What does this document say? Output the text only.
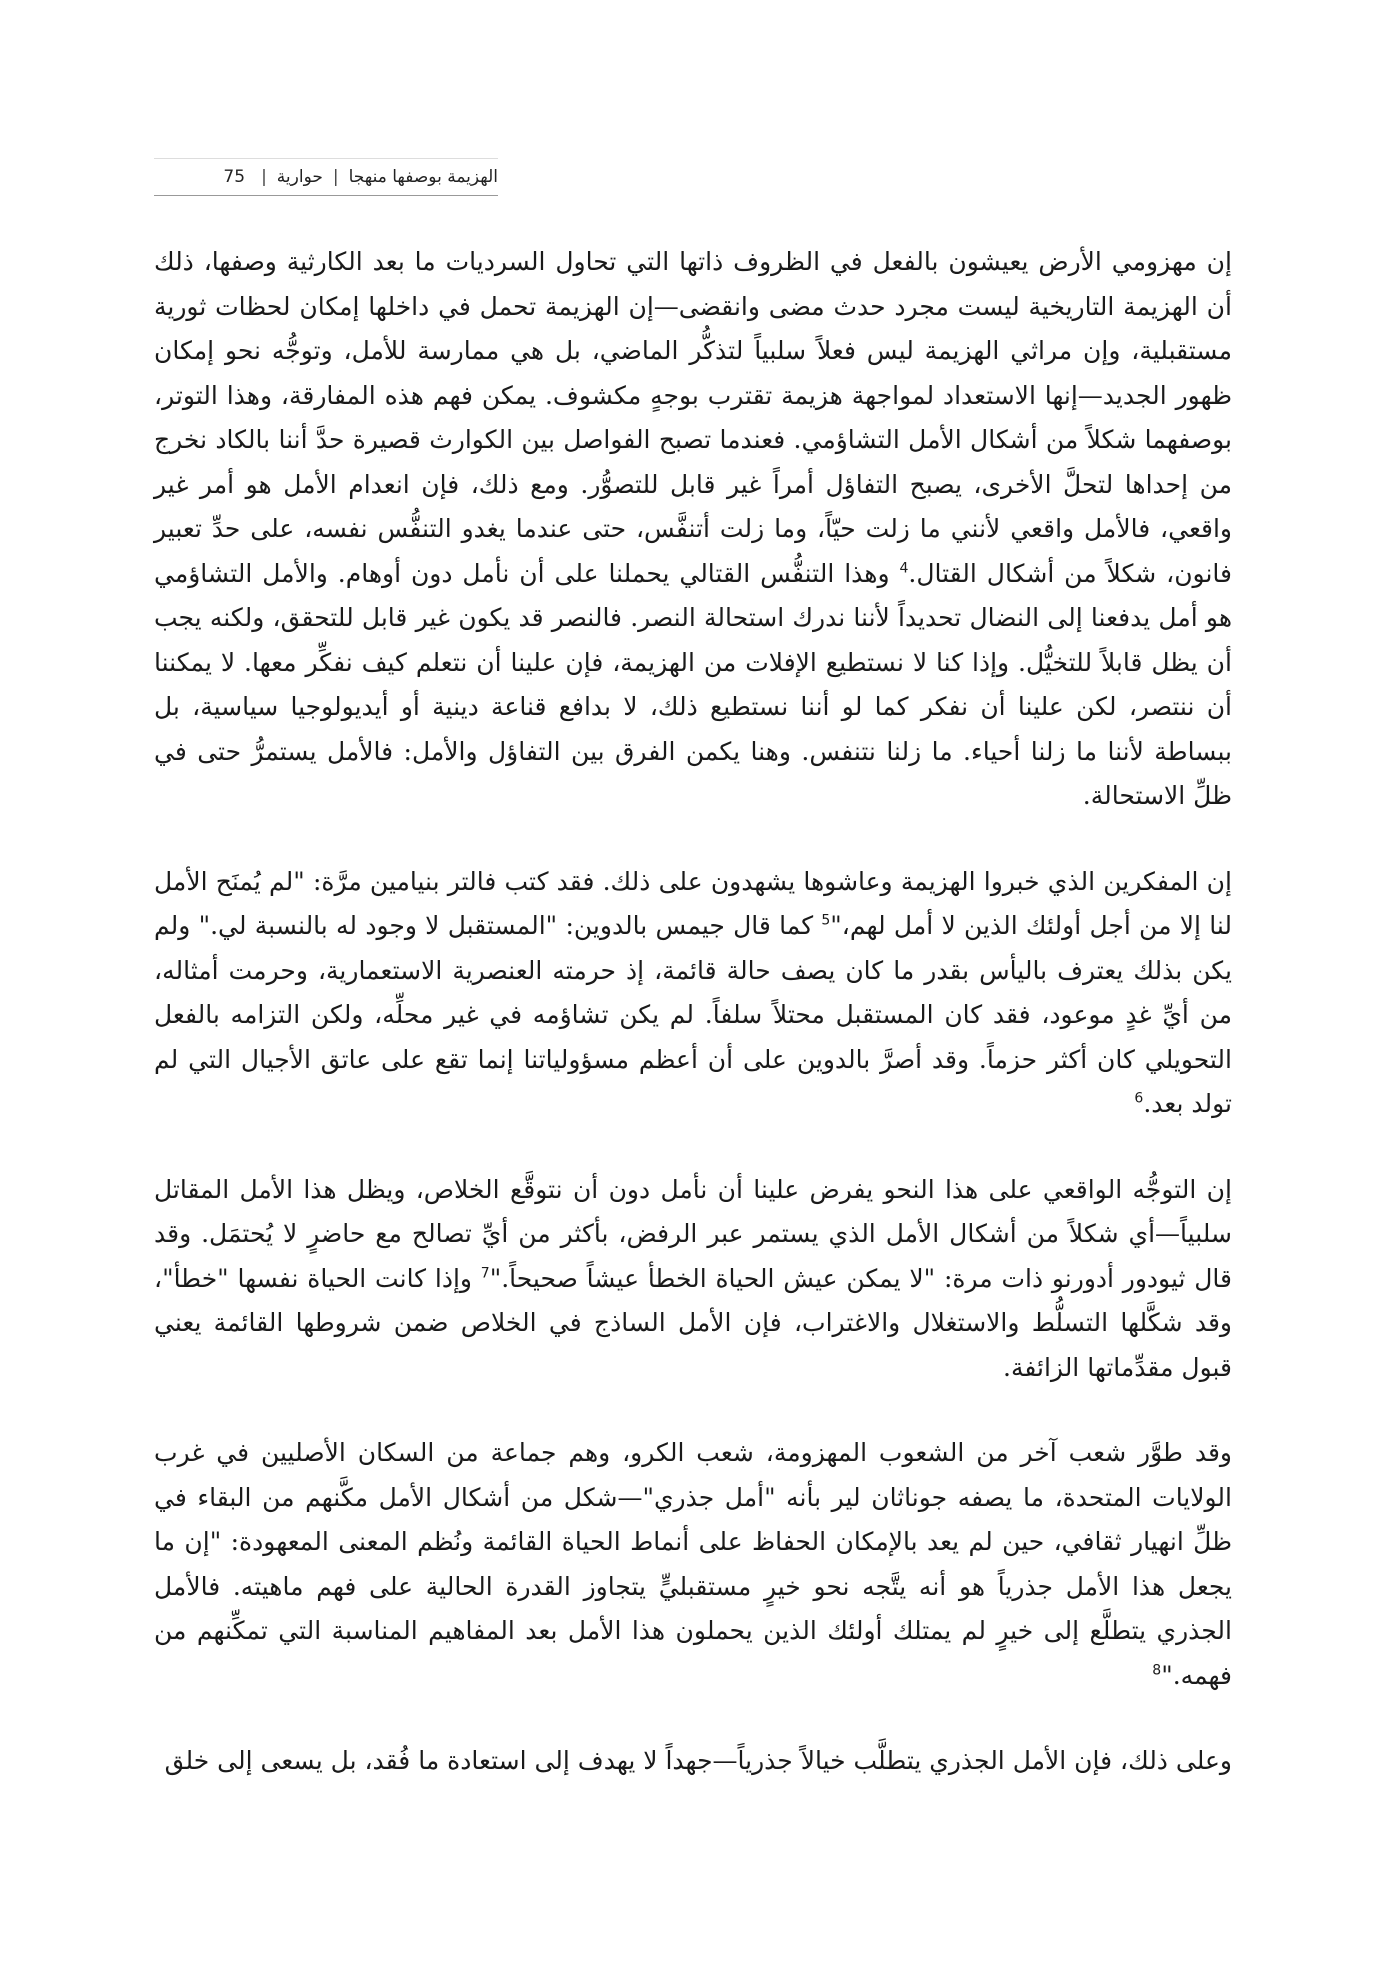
الهزيمة بوصفها منهجا
|
حوارية
|
75

إن مهزومي الأرض يعيشون بالفعل في الظروف ذاتها التي تحاول السرديات ما بعد الكارثية وصفها، ذلك أن الهزيمة التاريخية ليست مجرد حدث مضى وانقضى—إن الهزيمة تحمل في داخلها إمكان لحظات ثورية مستقبلية، وإن مراثي الهزيمة ليس فعلاً سلبياً لتذكُّر الماضي، بل هي ممارسة للأمل، وتوجُّه نحو إمكان ظهور الجديد—إنها الاستعداد لمواجهة هزيمة تقترب بوجهٍ مكشوف. يمكن فهم هذه المفارقة، وهذا التوتر، بوصفهما شكلاً من أشكال الأمل التشاؤمي. فعندما تصبح الفواصل بين الكوارث قصيرة حدَّ أننا بالكاد نخرج من إحداها لتحلَّ الأخرى، يصبح التفاؤل أمراً غير قابل للتصوُّر. ومع ذلك، فإن انعدام الأمل هو أمر غير واقعي، فالأمل واقعي لأنني ما زلت حيّاً، وما زلت أتنفَّس، حتى عندما يغدو التنفُّس نفسه، على حدِّ تعبير فانون، شكلاً من أشكال القتال.$^4$ وهذا التنفُّس القتالي يحملنا على أن نأمل دون أوهام. والأمل التشاؤمي هو أمل يدفعنا إلى النضال تحديداً لأننا ندرك استحالة النصر. فالنصر قد يكون غير قابل للتحقق، ولكنه يجب أن يظل قابلاً للتخيُّل. وإذا كنا لا نستطيع الإفلات من الهزيمة، فإن علينا أن نتعلم كيف نفكِّر معها. لا يمكننا أن ننتصر، لكن علينا أن نفكر كما لو أننا نستطيع ذلك، لا بدافع قناعة دينية أو أيديولوجيا سياسية، بل ببساطة لأننا ما زلنا أحياء. ما زلنا نتنفس. وهنا يكمن الفرق بين التفاؤل والأمل: فالأمل يستمرُّ حتى في ظلِّ الاستحالة.

إن المفكرين الذي خبروا الهزيمة وعاشوها يشهدون على ذلك. فقد كتب فالتر بنيامين مرَّة: "لم يُمنَح الأمل لنا إلا من أجل أولئك الذين لا أمل لهم،"$^5$ كما قال جيمس بالدوين: "المستقبل لا وجود له بالنسبة لي." ولم يكن بذلك يعترف باليأس بقدر ما كان يصف حالة قائمة، إذ حرمته العنصرية الاستعمارية، وحرمت أمثاله، من أيِّ غدٍ موعود، فقد كان المستقبل محتلاً سلفاً. لم يكن تشاؤمه في غير محلِّه، ولكن التزامه بالفعل التحويلي كان أكثر حزماً. وقد أصرَّ بالدوين على أن أعظم مسؤولياتنا إنما تقع على عاتق الأجيال التي لم تولد بعد.$^6$

إن التوجُّه الواقعي على هذا النحو يفرض علينا أن نأمل دون أن نتوقَّع الخلاص، ويظل هذا الأمل المقاتل سلبياً—أي شكلاً من أشكال الأمل الذي يستمر عبر الرفض، بأكثر من أيِّ تصالح مع حاضرٍ لا يُحتمَل. وقد قال ثيودور أدورنو ذات مرة: "لا يمكن عيش الحياة الخطأ عيشاً صحيحاً."$^7$ وإذا كانت الحياة نفسها "خطأ"، وقد شكَّلها التسلُّط والاستغلال والاغتراب، فإن الأمل الساذج في الخلاص ضمن شروطها القائمة يعني قبول مقدِّماتها الزائفة.

وقد طوَّر شعب آخر من الشعوب المهزومة، شعب الكرو، وهم جماعة من السكان الأصليين في غرب الولايات المتحدة، ما يصفه جوناثان لير بأنه "أمل جذري"—شكل من أشكال الأمل مكَّنهم من البقاء في ظلِّ انهيار ثقافي، حين لم يعد بالإمكان الحفاظ على أنماط الحياة القائمة ونُظم المعنى المعهودة: "إن ما يجعل هذا الأمل جذرياً هو أنه يتَّجه نحو خيرٍ مستقبليٍّ يتجاوز القدرة الحالية على فهم ماهيته. فالأمل الجذري يتطلَّع إلى خيرٍ لم يمتلك أولئك الذين يحملون هذا الأمل بعد المفاهيم المناسبة التي تمكِّنهم من فهمه."$^8$

وعلى ذلك، فإن الأمل الجذري يتطلَّب خيالاً جذرياً—جهداً لا يهدف إلى استعادة ما فُقد، بل يسعى إلى خلق
